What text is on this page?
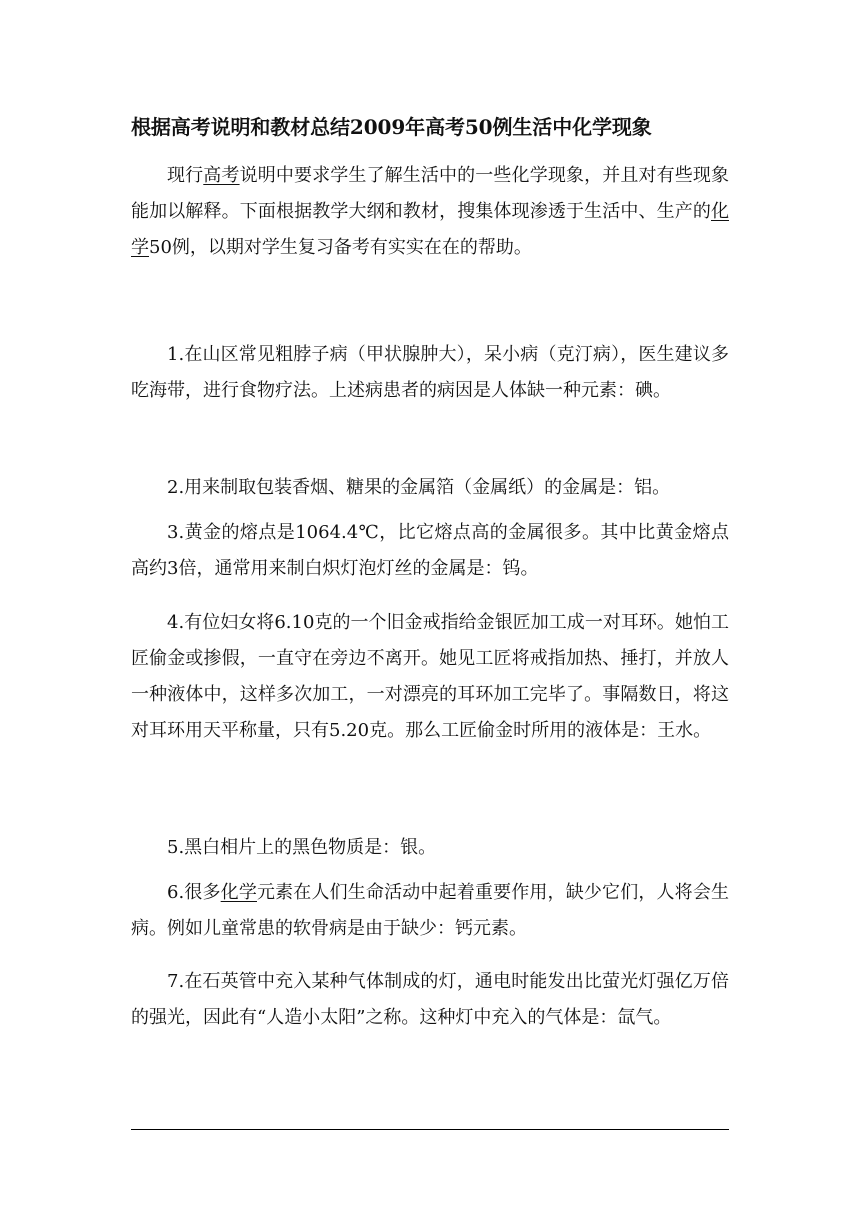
根据高考说明和教材总结2009年高考50例生活中化学现象

现行高考说明中要求学生了解生活中的一些化学现象，并且对有些现象能加以解释。下面根据教学大纲和教材，搜集体现渗透于生活中、生产的化学50例，以期对学生复习备考有实实在在的帮助。

1.在山区常见粗脖子病（甲状腺肿大），呆小病（克汀病），医生建议多吃海带，进行食物疗法。上述病患者的病因是人体缺一种元素：碘。

2.用来制取包装香烟、糖果的金属箔（金属纸）的金属是：铝。

3.黄金的熔点是1064.4℃，比它熔点高的金属很多。其中比黄金熔点高约3倍，通常用来制白炽灯泡灯丝的金属是：钨。

4.有位妇女将6.10克的一个旧金戒指给金银匠加工成一对耳环。她怕工匠偷金或掺假，一直守在旁边不离开。她见工匠将戒指加热、捶打，并放人一种液体中，这样多次加工，一对漂亮的耳环加工完毕了。事隔数日，将这对耳环用天平称量，只有5.20克。那么工匠偷金时所用的液体是：王水。

5.黑白相片上的黑色物质是：银。

6.很多化学元素在人们生命活动中起着重要作用，缺少它们，人将会生病。例如儿童常患的软骨病是由于缺少：钙元素。

7.在石英管中充入某种气体制成的灯，通电时能发出比萤光灯强亿万倍的强光，因此有“人造小太阳”之称。这种灯中充入的气体是：氙气。
